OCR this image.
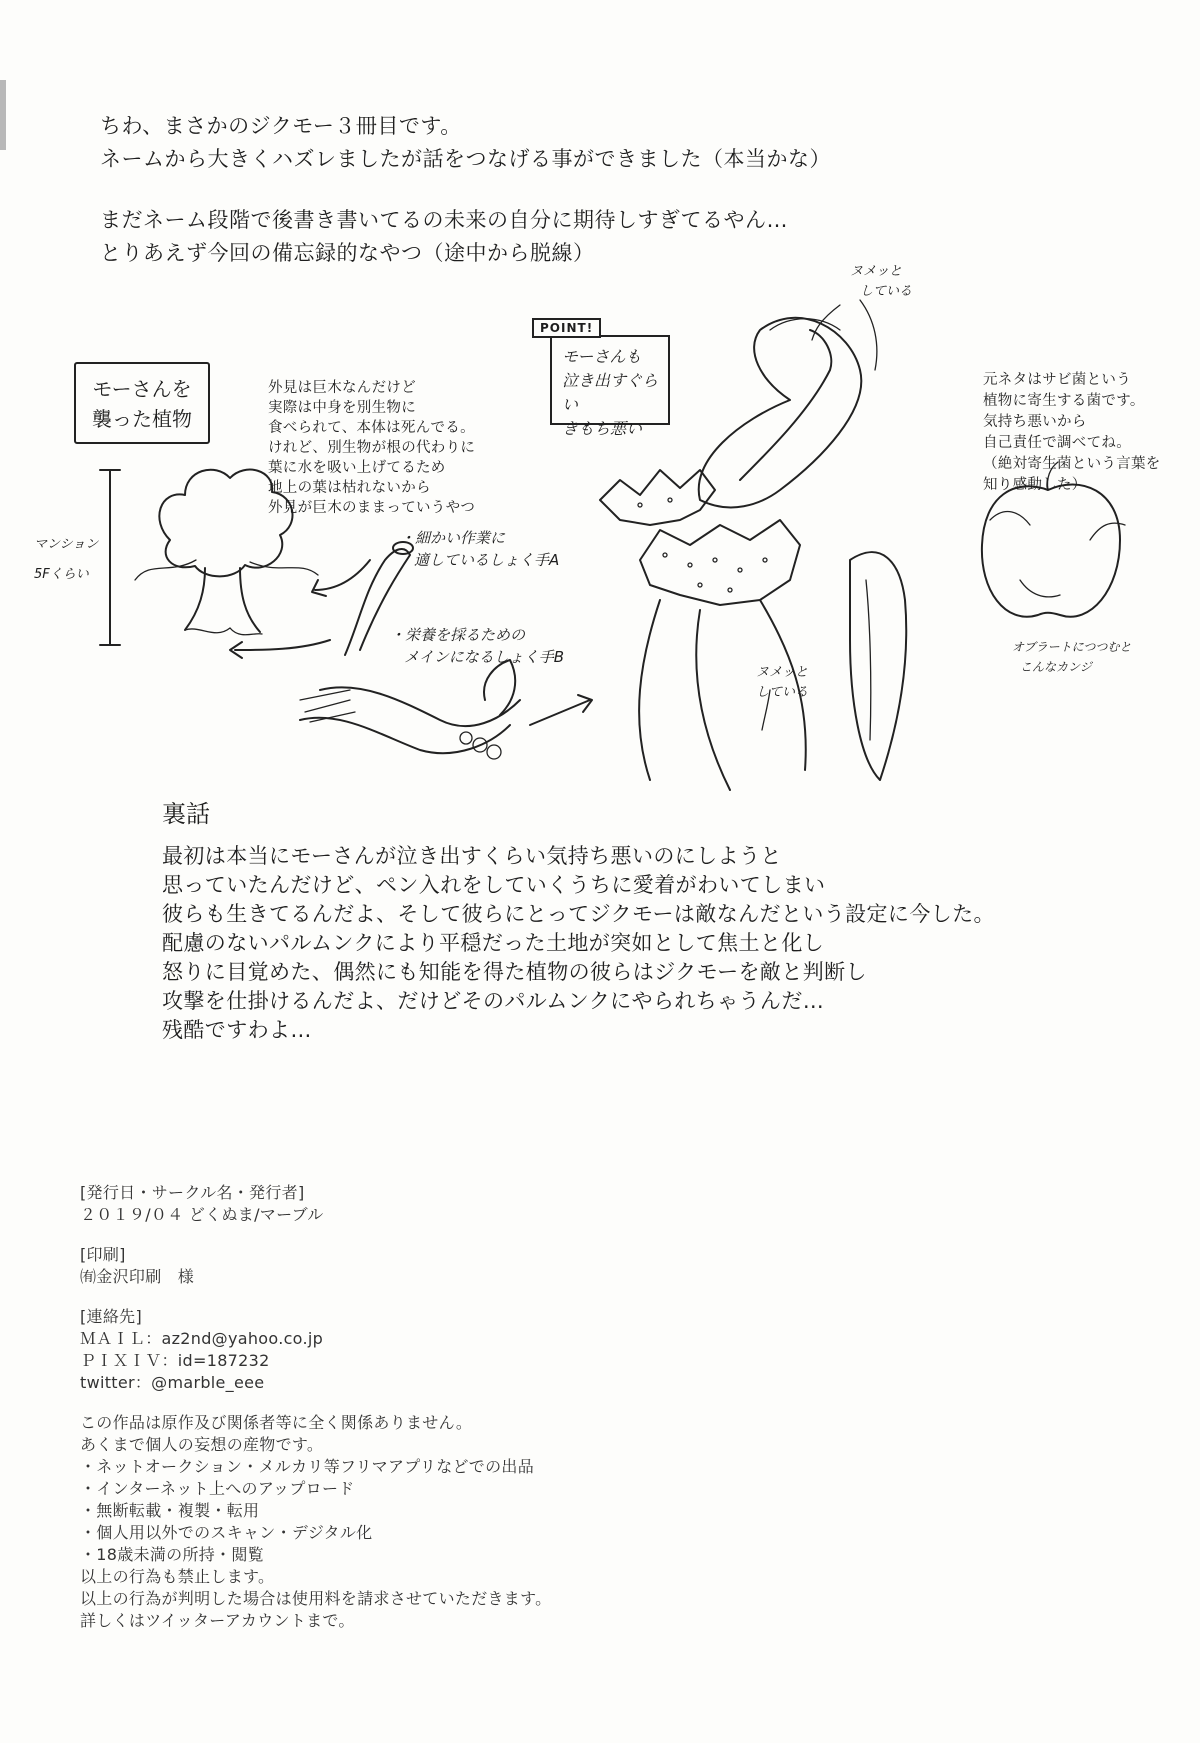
ちわ、まさかのジクモー３冊目です。

ネームから大きくハズレましたが話をつなげる事ができました（本当かな）

まだネーム段階で後書き書いてるの未来の自分に期待しすぎてるやん…

とりあえず今回の備忘録的なやつ（途中から脱線）

モーさんを
襲った植物

外見は巨木なんだけど

実際は中身を別生物に

食べられて、本体は死んでる。

けれど、別生物が根の代わりに

葉に水を吸い上げてるため

地上の葉は枯れないから

外見が巨木のままっていうやつ

マンション
5Fくらい
・細かい作業に
適しているしょく手A
・栄養を採るための
メインになるしょく手B
モーさんも
泣き出すぐらい
きもち悪い
POINT!
ヌメッと
している
ヌメッと
している

元ネタはサビ菌という

植物に寄生する菌です。

気持ち悪いから

自己責任で調べてね。

（絶対寄生菌という言葉を

知り感動した）

オブラートにつつむと
こんなカンジ
裏話

最初は本当にモーさんが泣き出すくらい気持ち悪いのにしようと

思っていたんだけど、ペン入れをしていくうちに愛着がわいてしまい

彼らも生きてるんだよ、そして彼らにとってジクモーは敵なんだという設定に今した。

配慮のないパルムンクにより平穏だった土地が突如として焦土と化し

怒りに目覚めた、偶然にも知能を得た植物の彼らはジクモーを敵と判断し

攻撃を仕掛けるんだよ、だけどそのパルムンクにやられちゃうんだ…

残酷ですわよ…

[発行日・サークル名・発行者]

２０１９/０４ どくぬま/マーブル

[印刷]

㈲金沢印刷　様

[連絡先]

ＭＡＩＬ：az2nd@yahoo.co.jp

ＰＩＸＩＶ：id=187232

twitter：@marble_eee

この作品は原作及び関係者等に全く関係ありません。

あくまで個人の妄想の産物です。

・ネットオークション・メルカリ等フリマアプリなどでの出品

・インターネット上へのアップロード

・無断転載・複製・転用

・個人用以外でのスキャン・デジタル化

・18歳未満の所持・閲覧

以上の行為も禁止します。

以上の行為が判明した場合は使用料を請求させていただきます。

詳しくはツイッターアカウントまで。
